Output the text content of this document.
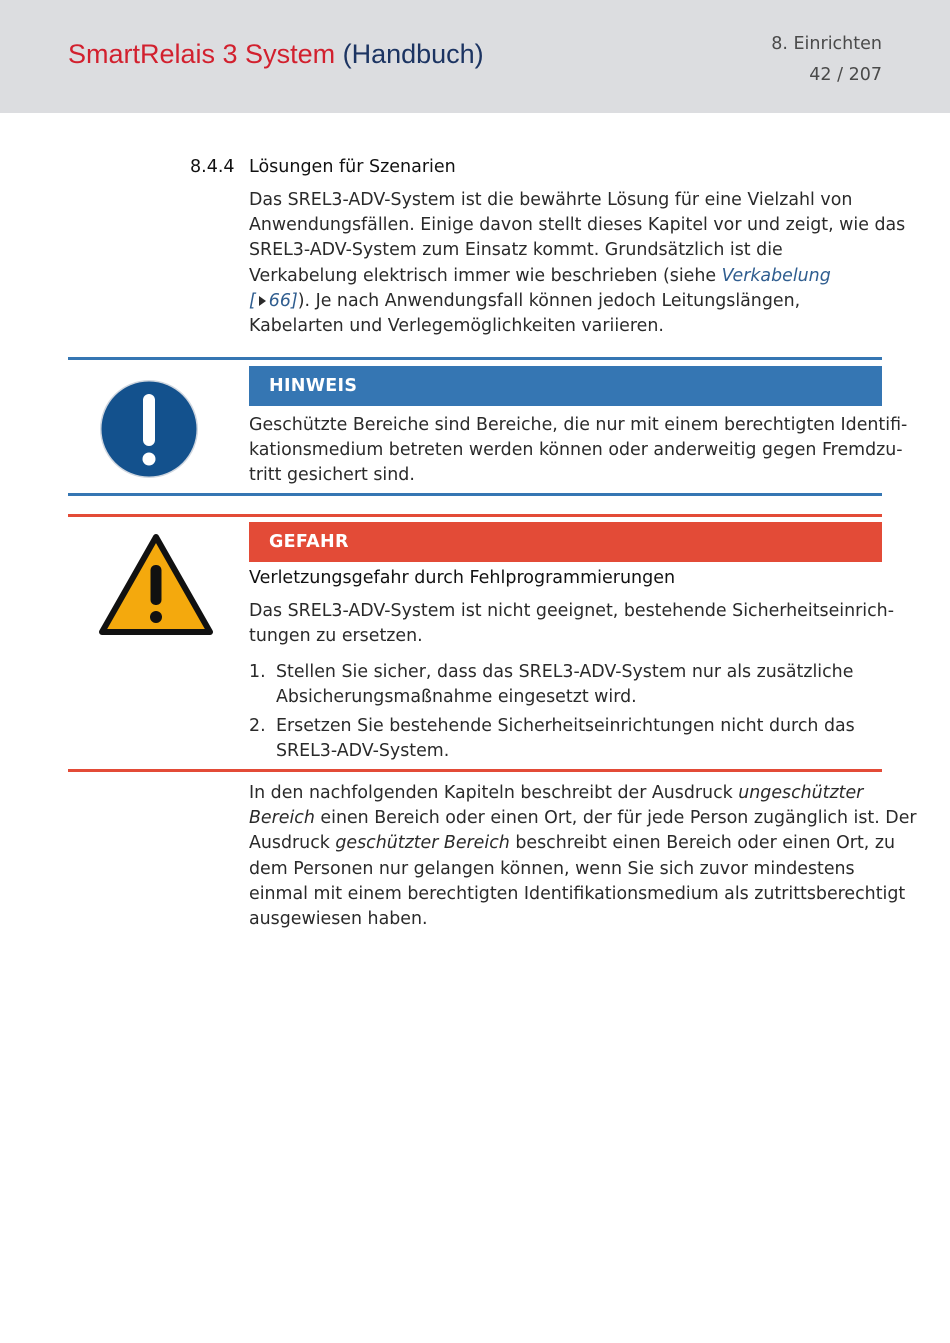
SmartRelais 3 System (Handbuch)	8. Einrichten
42 / 207
8.4.4 Lösungen für Szenarien
Das SREL3-ADV-System ist die bewährte Lösung für eine Vielzahl von
Anwendungsfällen. Einige davon stellt dieses Kapitel vor und zeigt, wie das
SREL3-ADV-System zum Einsatz kommt. Grundsätzlich ist die
Verkabelung elektrisch immer wie beschrieben (siehe Verkabelung
[ 66]). Je nach Anwendungsfall können jedoch Leitungslängen,
Kabelarten und Verlegemöglichkeiten variieren.
HINWEIS
Geschützte Bereiche sind Bereiche, die nur mit einem berechtigten Identifi-
kationsmedium betreten werden können oder anderweitig gegen Fremdzu-
tritt gesichert sind.
GEFAHR
Verletzungsgefahr durch Fehlprogrammierungen
Das SREL3-ADV-System ist nicht geeignet, bestehende Sicherheitseinrich-
tungen zu ersetzen.
1. Stellen Sie sicher, dass das SREL3-ADV-System nur als zusätzliche
Absicherungsmaßnahme eingesetzt wird.
2. Ersetzen Sie bestehende Sicherheitseinrichtungen nicht durch das
SREL3-ADV-System.
In den nachfolgenden Kapiteln beschreibt der Ausdruck ungeschützter
Bereich einen Bereich oder einen Ort, der für jede Person zugänglich ist. Der
Ausdruck geschützter Bereich beschreibt einen Bereich oder einen Ort, zu
dem Personen nur gelangen können, wenn Sie sich zuvor mindestens
einmal mit einem berechtigten Identifikationsmedium als zutrittsberechtigt
ausgewiesen haben.
